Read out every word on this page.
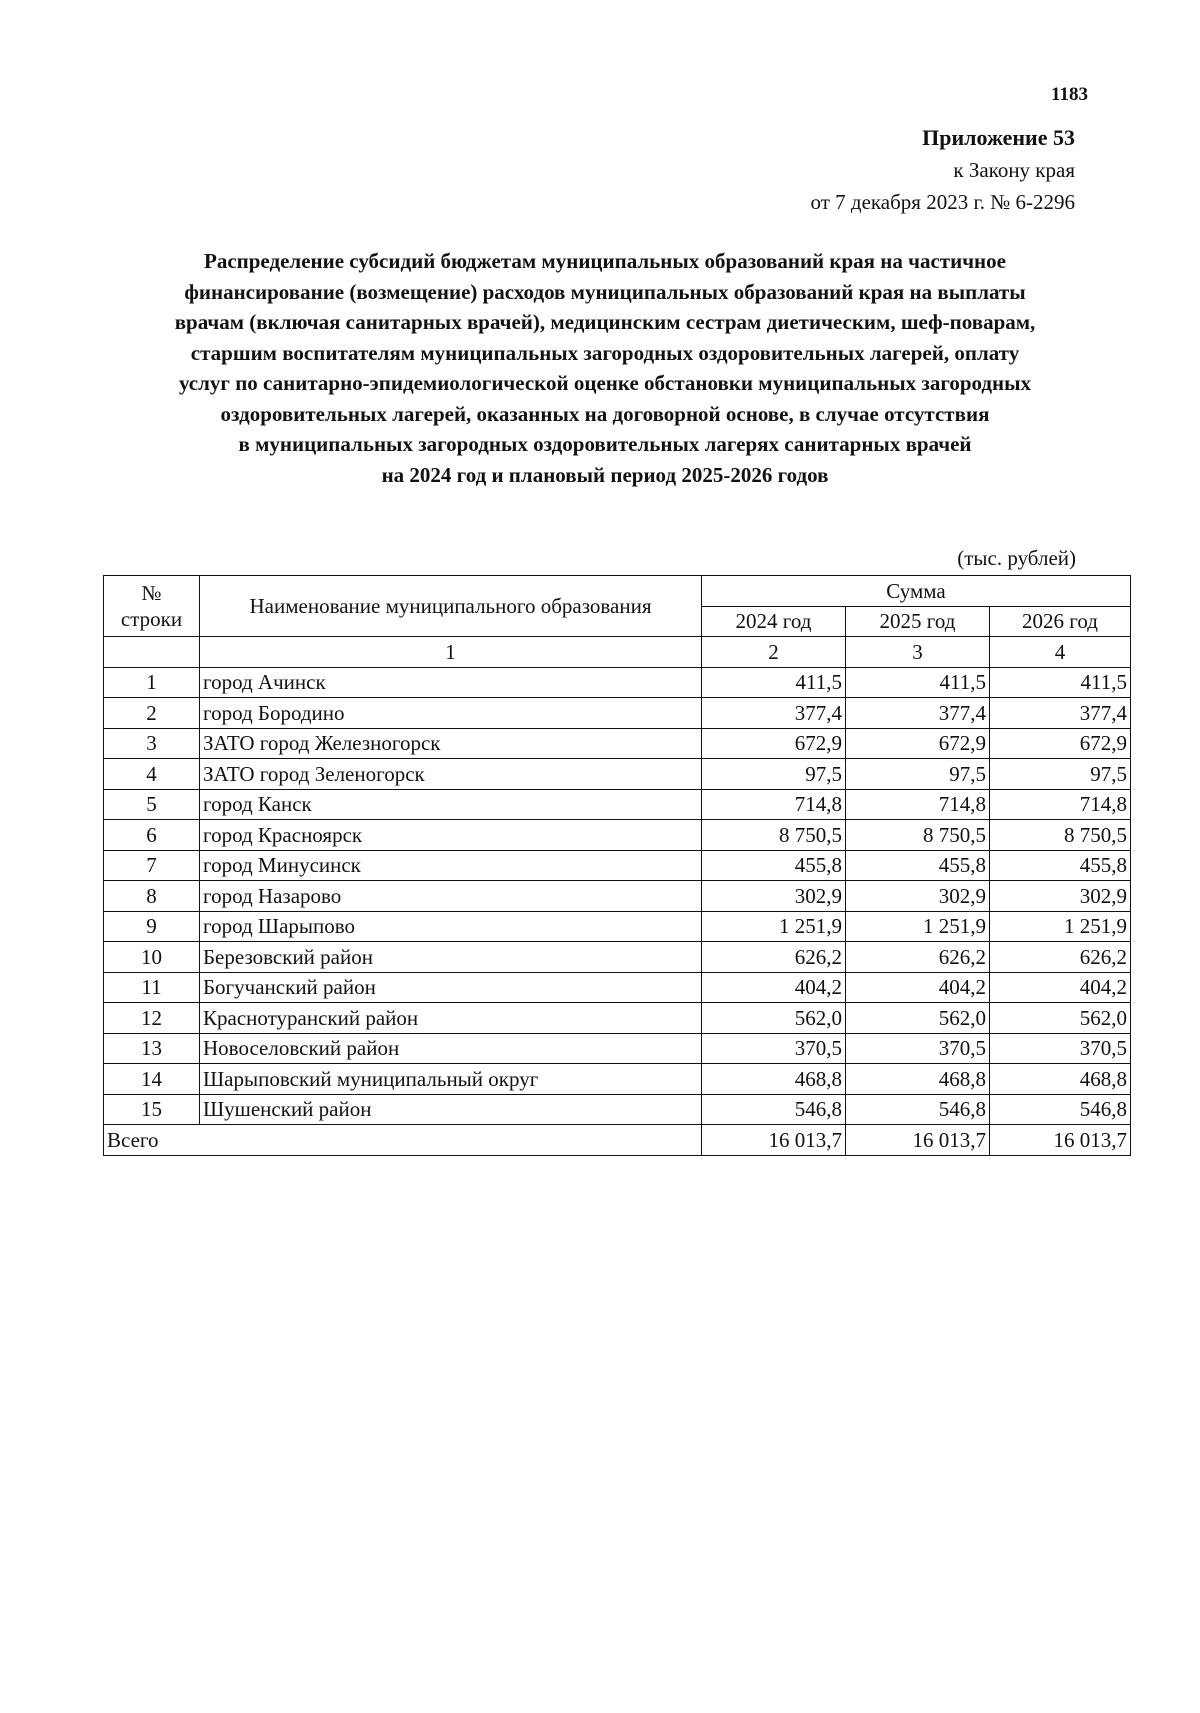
1183
Приложение 53
к Закону края
от 7 декабря 2023 г. № 6-2296
Распределение субсидий бюджетам муниципальных образований края на частичное
финансирование (возмещение) расходов муниципальных образований края на выплаты
врачам (включая санитарных врачей), медицинским сестрам диетическим, шеф-поварам,
старшим воспитателям муниципальных загородных оздоровительных лагерей, оплату
услуг по санитарно-эпидемиологической оценке обстановки муниципальных загородных
оздоровительных лагерей, оказанных на договорной основе, в случае отсутствия
в муниципальных загородных оздоровительных лагерях санитарных врачей
на 2024 год и плановый период 2025-2026 годов
(тыс. рублей)
№
строки	Наименование муниципального образования	Сумма		
		2024 год	2025 год	2026 год
	1	2	3	4
1	город Ачинск	411,5	411,5	411,5
2	город Бородино	377,4	377,4	377,4
3	ЗАТО город Железногорск	672,9	672,9	672,9
4	ЗАТО город Зеленогорск	97,5	97,5	97,5
5	город Канск	714,8	714,8	714,8
6	город Красноярск	8 750,5	8 750,5	8 750,5
7	город Минусинск	455,8	455,8	455,8
8	город Назарово	302,9	302,9	302,9
9	город Шарыпово	1 251,9	1 251,9	1 251,9
10	Березовский район	626,2	626,2	626,2
11	Богучанский район	404,2	404,2	404,2
12	Краснотуранский район	562,0	562,0	562,0
13	Новоселовский район	370,5	370,5	370,5
14	Шарыповский муниципальный округ	468,8	468,8	468,8
15	Шушенский район	546,8	546,8	546,8
Всего		16 013,7	16 013,7	16 013,7
